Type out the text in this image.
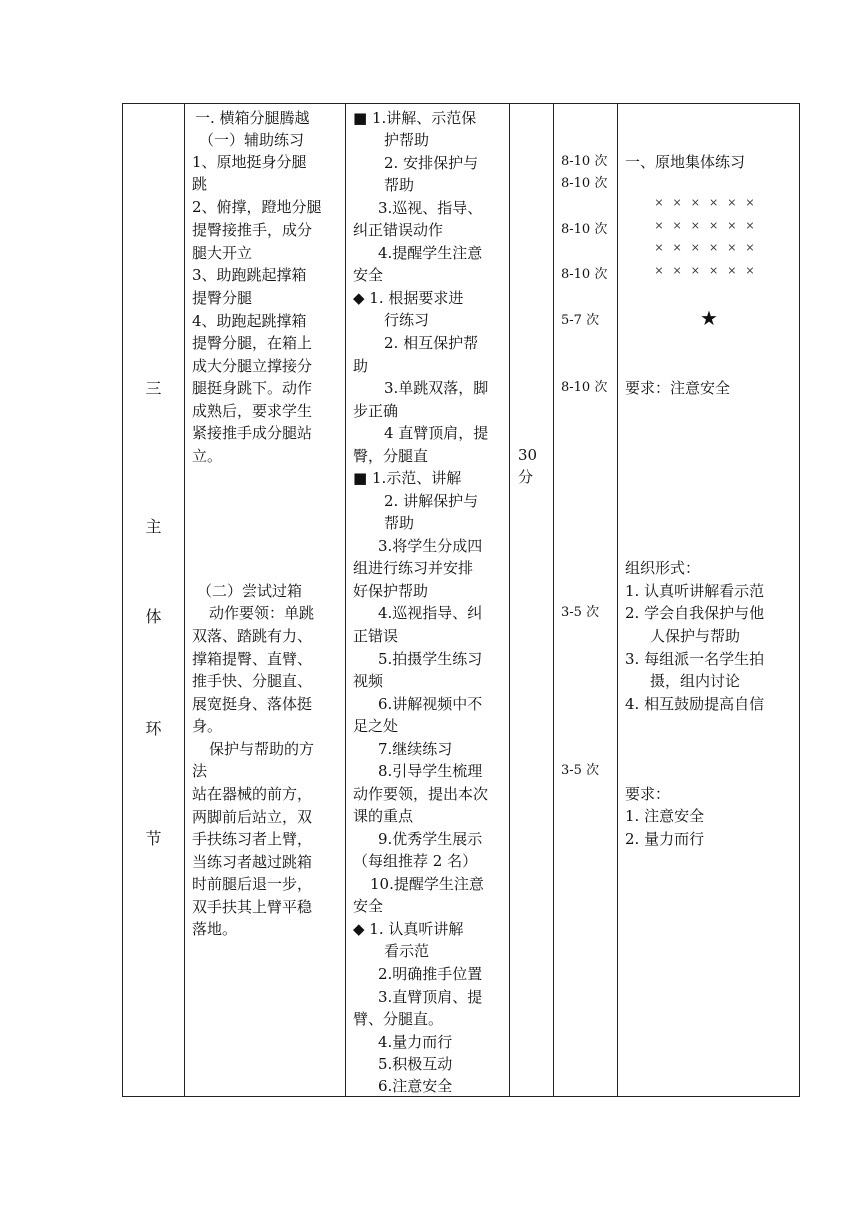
三
主
体
环
节
一. 横箱分腿腾越
（一）辅助练习
1、原地挺身分腿
跳
2、俯撑，蹬地分腿
提臀接推手，成分
腿大开立
3、助跑跳起撑箱
提臀分腿
4、助跑起跳撑箱
提臀分腿，在箱上
成大分腿立撑接分
腿挺身跳下。动作
成熟后，要求学生
紧接推手成分腿站
立。
（二）尝试过箱
动作要领：单跳
双落、踏跳有力、
撑箱提臀、直臂、
推手快、分腿直、
展宽挺身、落体挺
身。
保护与帮助的方
法
站在器械的前方，
两脚前后站立，双
手扶练习者上臂，
当练习者越过跳箱
时前腿后退一步，
双手扶其上臂平稳
落地。
■ 1.讲解、示范保
护帮助
2. 安排保护与
帮助
3.巡视、指导、
纠正错误动作
4.提醒学生注意
安全
◆ 1. 根据要求进
行练习
2. 相互保护帮
助
3.单跳双落，脚
步正确
4 直臂顶肩，提
臀，分腿直
■ 1.示范、讲解
2. 讲解保护与
帮助
3.将学生分成四
组进行练习并安排
好保护帮助
4.巡视指导、纠
正错误
5.拍摄学生练习
视频
6.讲解视频中不
足之处
7.继续练习
8.引导学生梳理
动作要领，提出本次
课的重点
9.优秀学生展示
（每组推荐 2 名）
10.提醒学生注意
安全
◆ 1. 认真听讲解
看示范
2.明确推手位置
3.直臂顶肩、提
臂、分腿直。
4.量力而行
5.积极互动
6.注意安全
30
分
8-10 次
8-10 次
8-10 次
8-10 次
5-7 次
8-10 次
3-5 次
3-5 次
一、原地集体练习
××××××
××××××
××××××
××××××
★
要求：注意安全
组织形式：
1. 认真听讲解看示范
2. 学会自我保护与他
人保护与帮助
3. 每组派一名学生拍
摄，组内讨论
4. 相互鼓励提高自信
要求：
1. 注意安全
2. 量力而行
